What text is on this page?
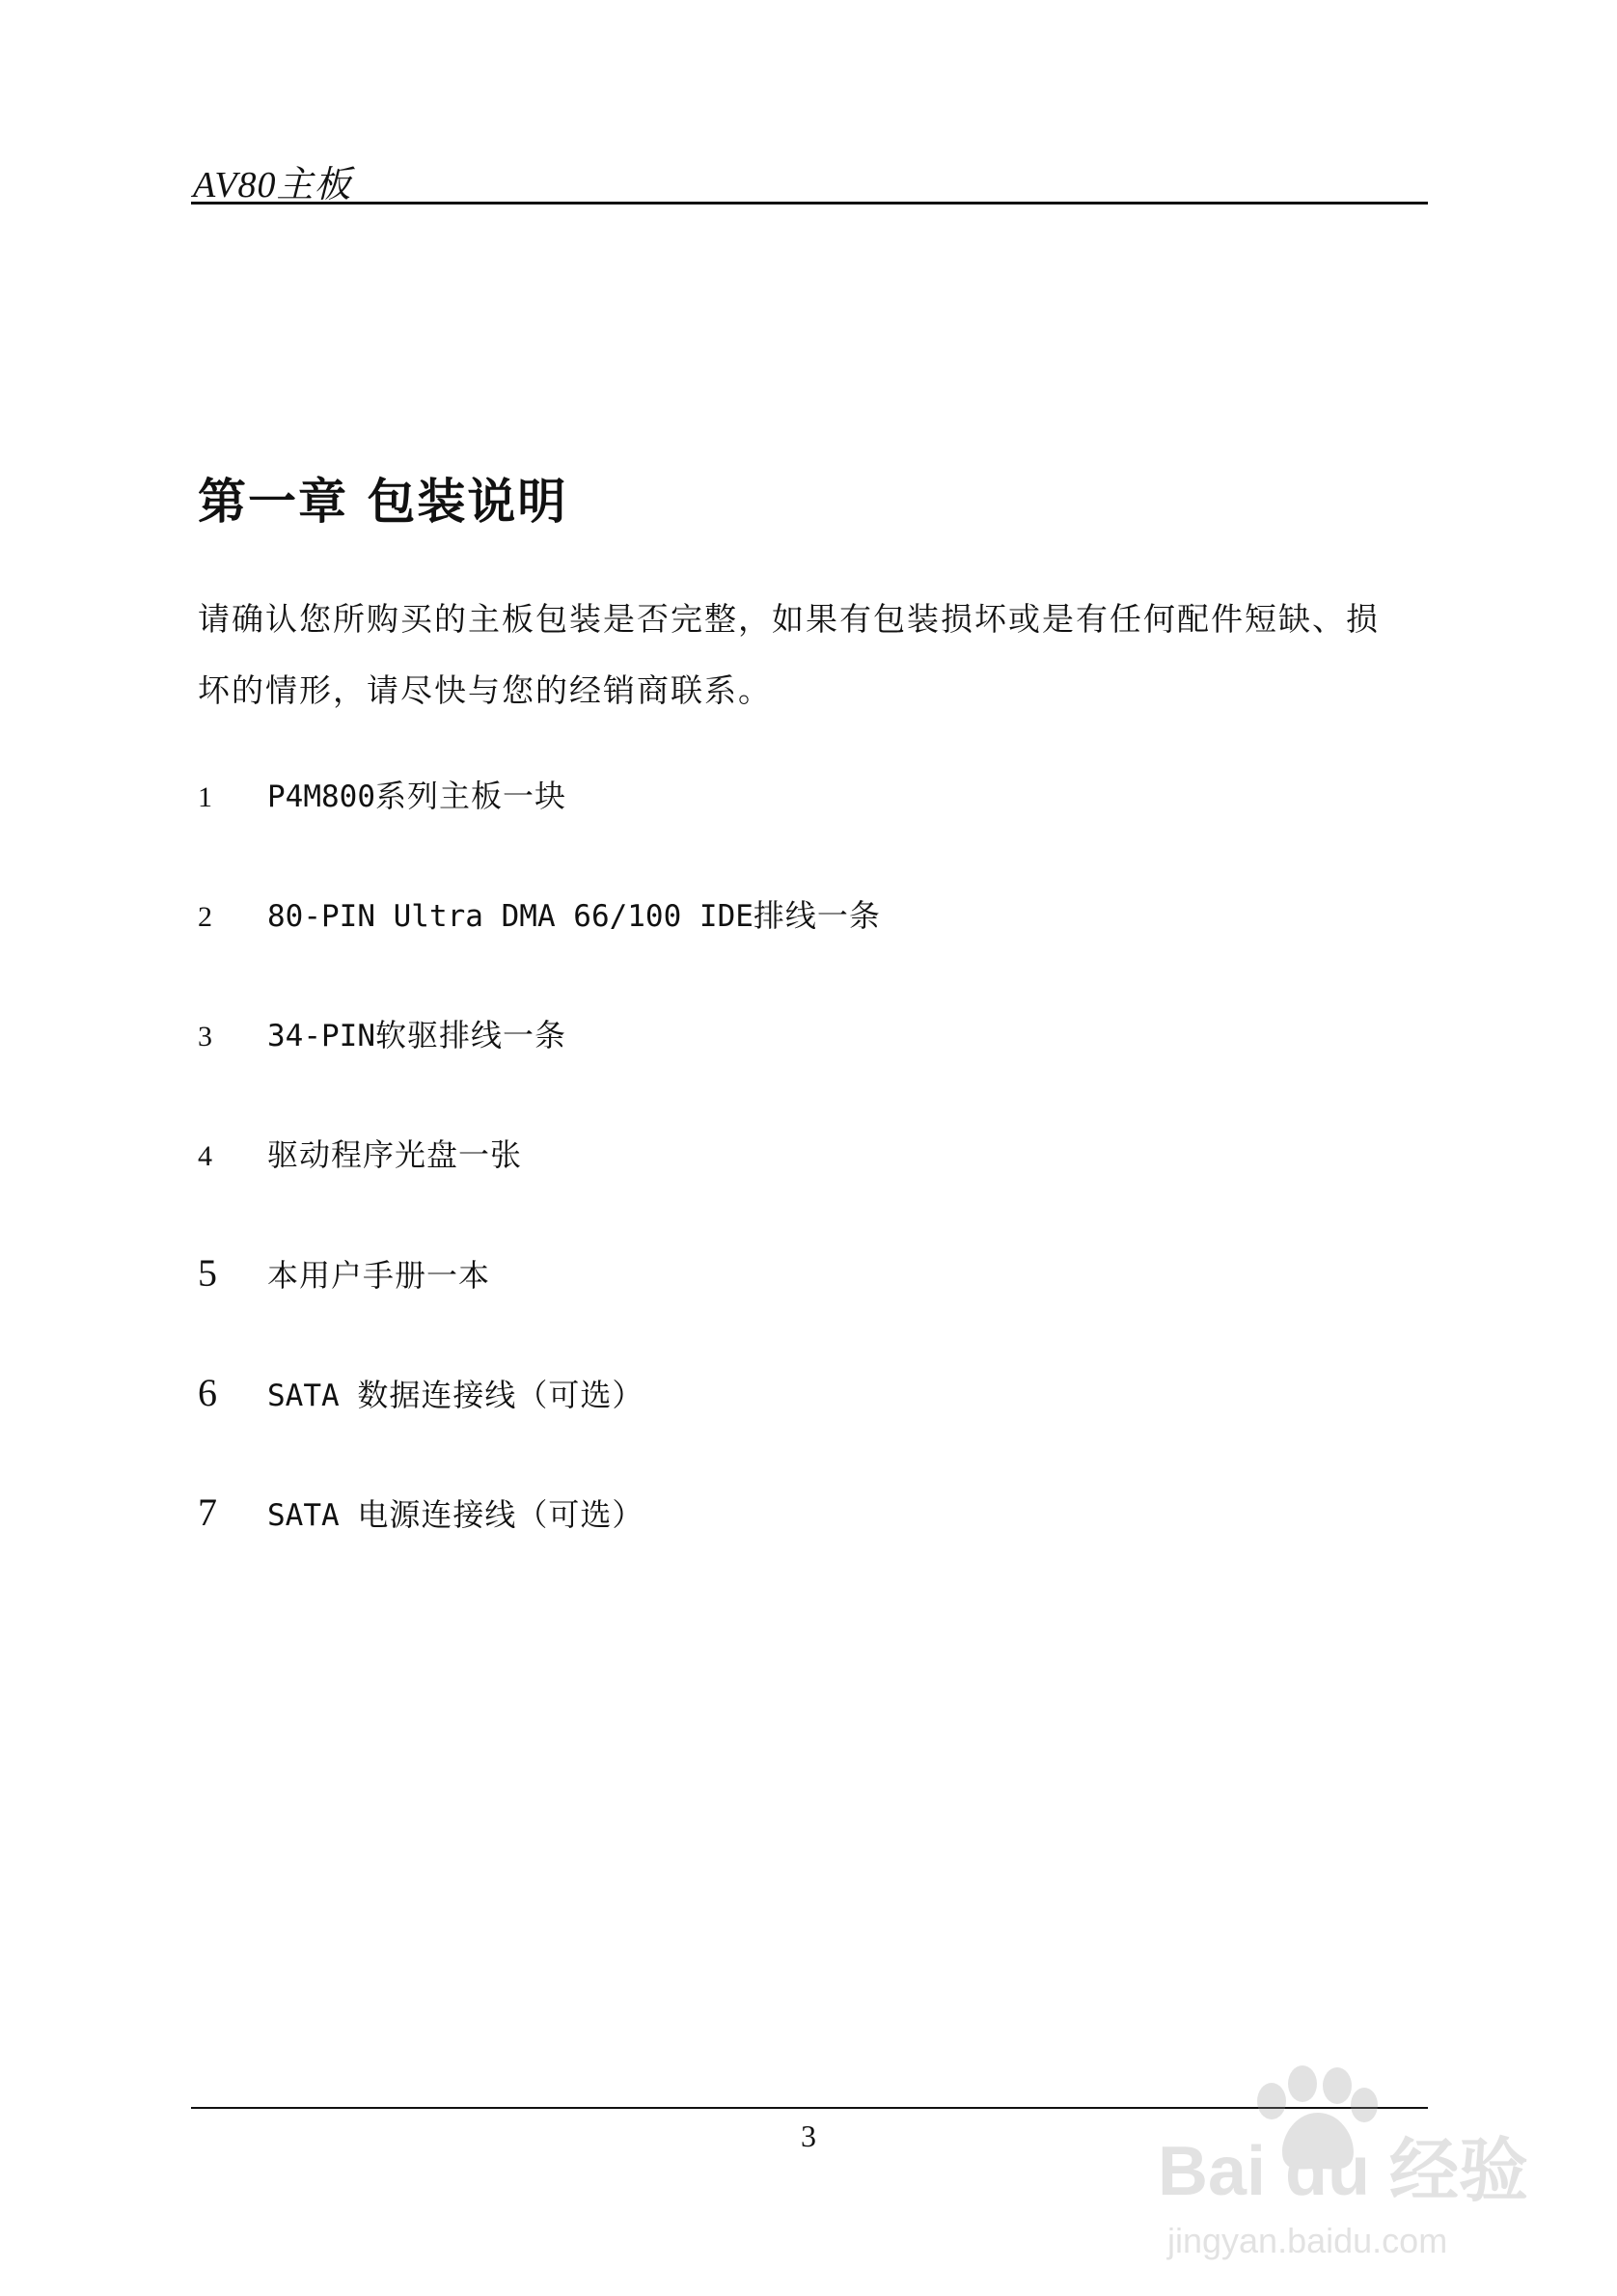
AV80主板
第一章 包装说明

请确认您所购买的主板包装是否完整，如果有包装损坏或是有任何配件短缺、损

坏的情形，请尽快与您的经销商联系。

1	P4M800系列主板一块
2	80-PIN Ultra DMA 66/100 IDE排线一条
3	34-PIN软驱排线一条
4	驱动程序光盘一张
5	本用户手册一本
6	SATA 数据连接线（可选）
7	SATA 电源连接线（可选）
3	Bai du 经验
jingyan.baidu.com
